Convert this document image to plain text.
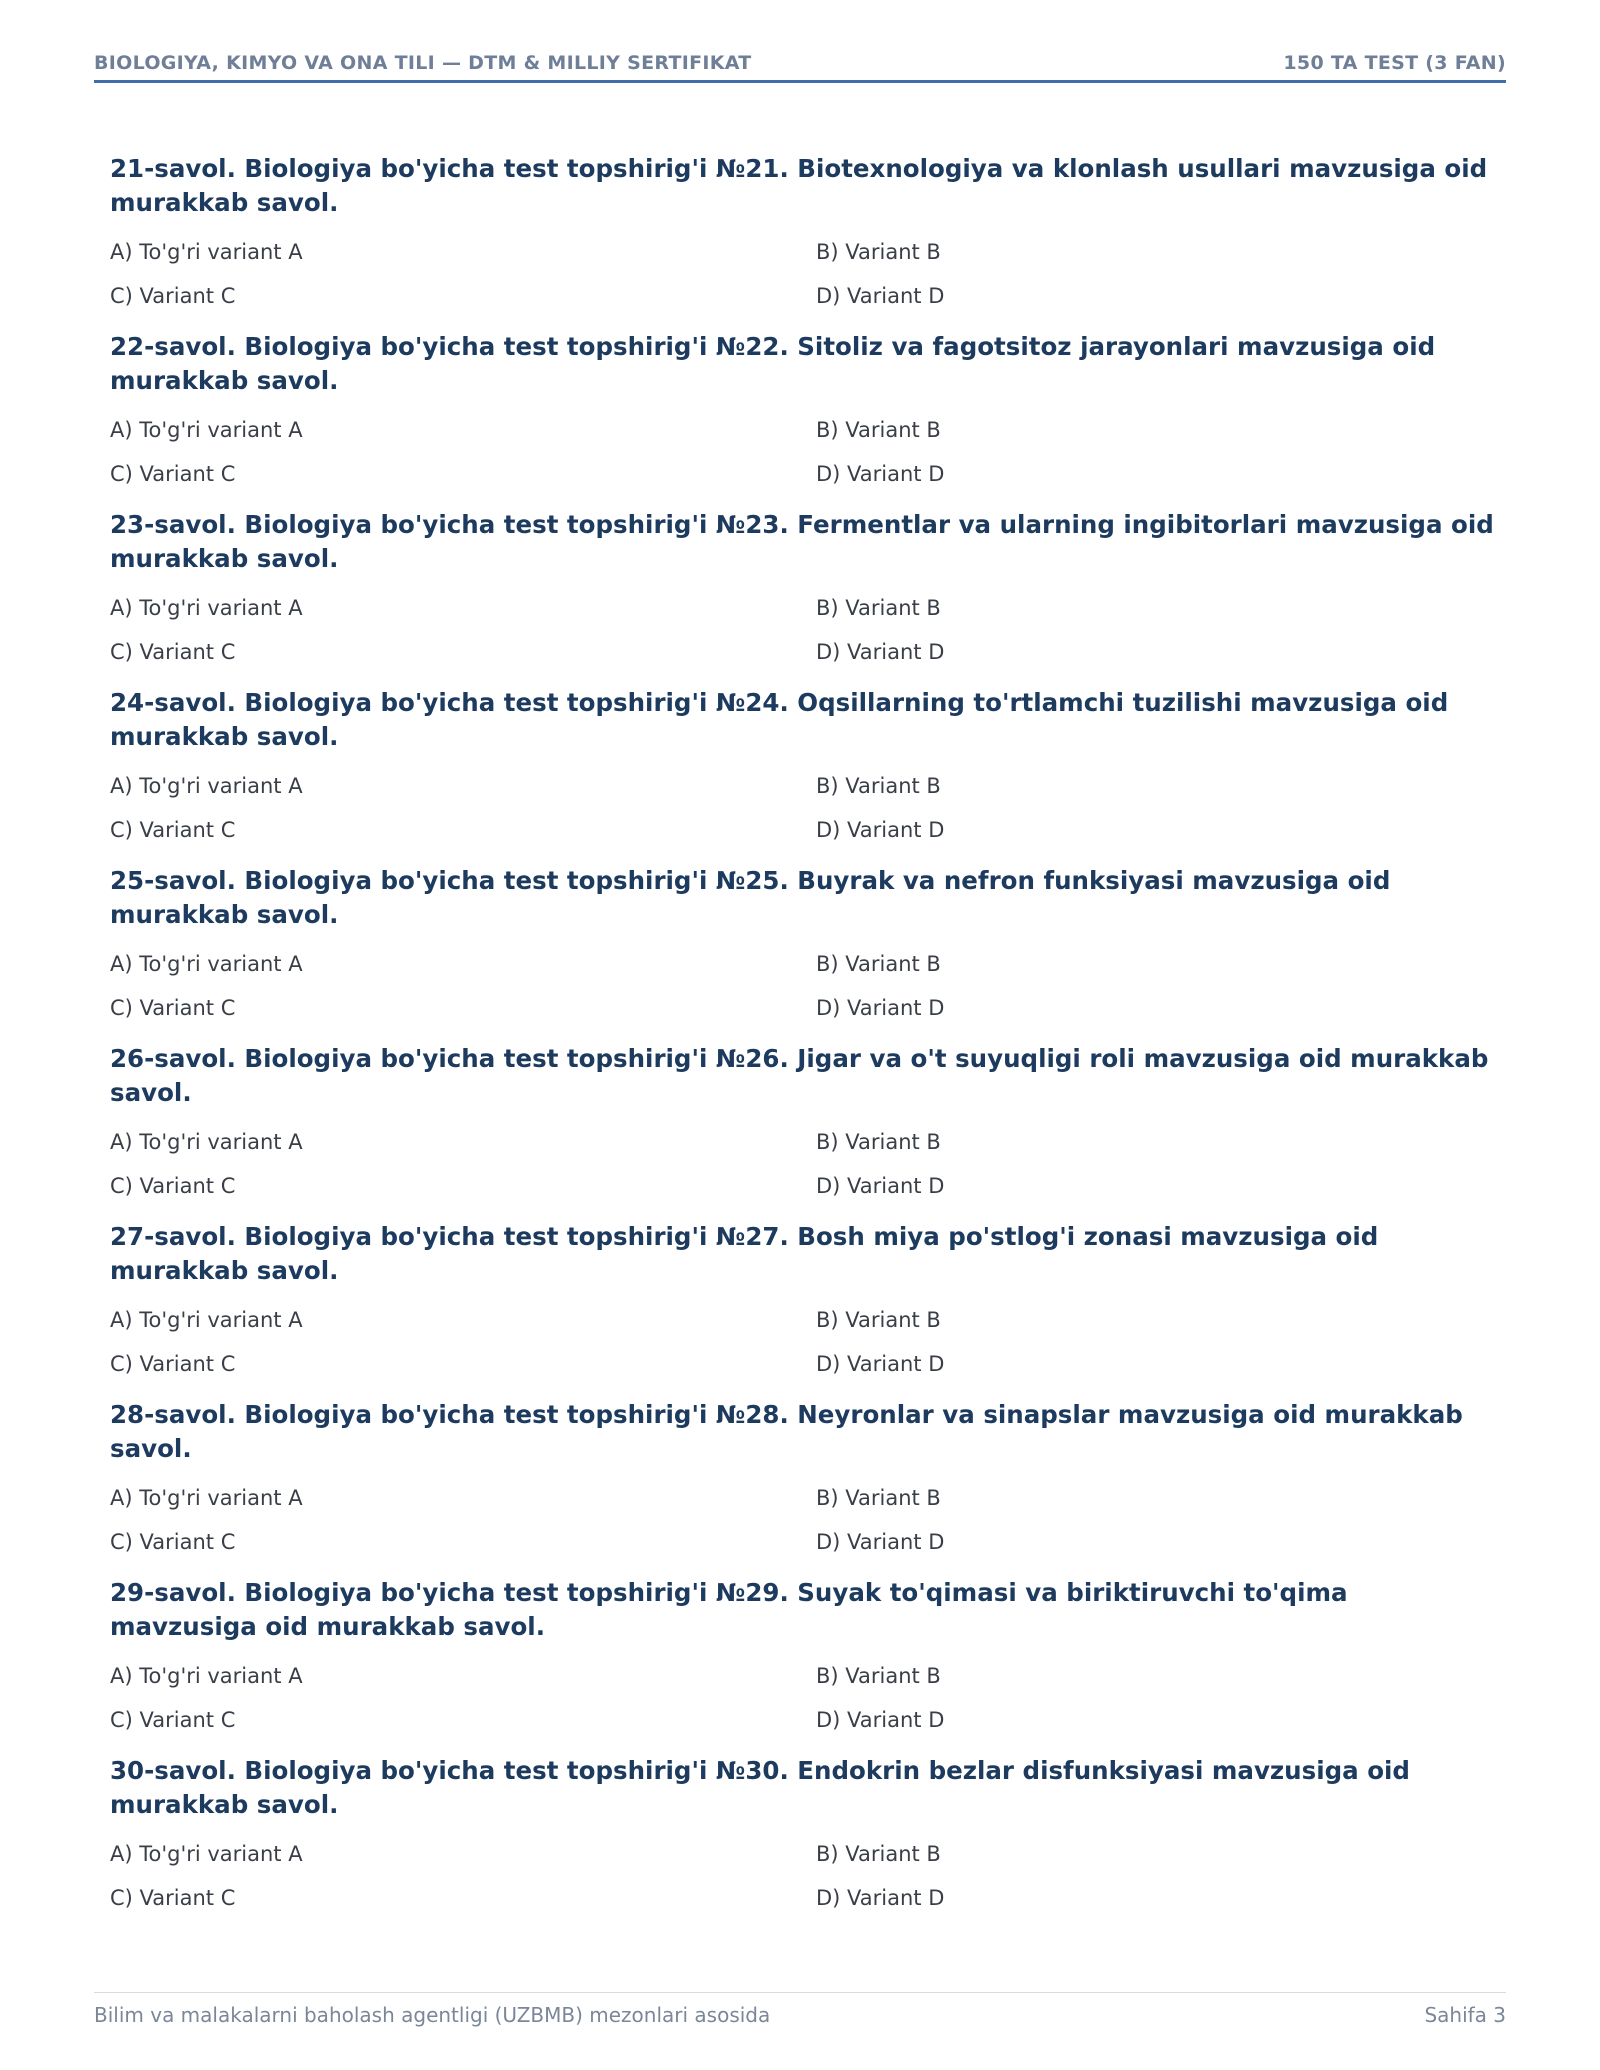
BIOLOGIYA, KIMYO VA ONA TILI — DTM & MILLIY SERTIFIKAT	150 TA TEST (3 FAN)
21-savol. Biologiya bo'yicha test topshirig'i №21. Biotexnologiya va klonlash usullari mavzusiga oid murakkab savol.
A) To'g'ri variant A	B) Variant B
C) Variant C	D) Variant D
22-savol. Biologiya bo'yicha test topshirig'i №22. Sitoliz va fagotsitoz jarayonlari mavzusiga oid murakkab savol.
A) To'g'ri variant A	B) Variant B
C) Variant C	D) Variant D
23-savol. Biologiya bo'yicha test topshirig'i №23. Fermentlar va ularning ingibitorlari mavzusiga oid murakkab savol.
A) To'g'ri variant A	B) Variant B
C) Variant C	D) Variant D
24-savol. Biologiya bo'yicha test topshirig'i №24. Oqsillarning to'rtlamchi tuzilishi mavzusiga oid murakkab savol.
A) To'g'ri variant A	B) Variant B
C) Variant C	D) Variant D
25-savol. Biologiya bo'yicha test topshirig'i №25. Buyrak va nefron funksiyasi mavzusiga oid murakkab savol.
A) To'g'ri variant A	B) Variant B
C) Variant C	D) Variant D
26-savol. Biologiya bo'yicha test topshirig'i №26. Jigar va o't suyuqligi roli mavzusiga oid murakkab savol.
A) To'g'ri variant A	B) Variant B
C) Variant C	D) Variant D
27-savol. Biologiya bo'yicha test topshirig'i №27. Bosh miya po'stlog'i zonasi mavzusiga oid murakkab savol.
A) To'g'ri variant A	B) Variant B
C) Variant C	D) Variant D
28-savol. Biologiya bo'yicha test topshirig'i №28. Neyronlar va sinapslar mavzusiga oid murakkab savol.
A) To'g'ri variant A	B) Variant B
C) Variant C	D) Variant D
29-savol. Biologiya bo'yicha test topshirig'i №29. Suyak to'qimasi va biriktiruvchi to'qima mavzusiga oid murakkab savol.
A) To'g'ri variant A	B) Variant B
C) Variant C	D) Variant D
30-savol. Biologiya bo'yicha test topshirig'i №30. Endokrin bezlar disfunksiyasi mavzusiga oid murakkab savol.
A) To'g'ri variant A	B) Variant B
C) Variant C	D) Variant D
Bilim va malakalarni baholash agentligi (UZBMB) mezonlari asosida	Sahifa 3
